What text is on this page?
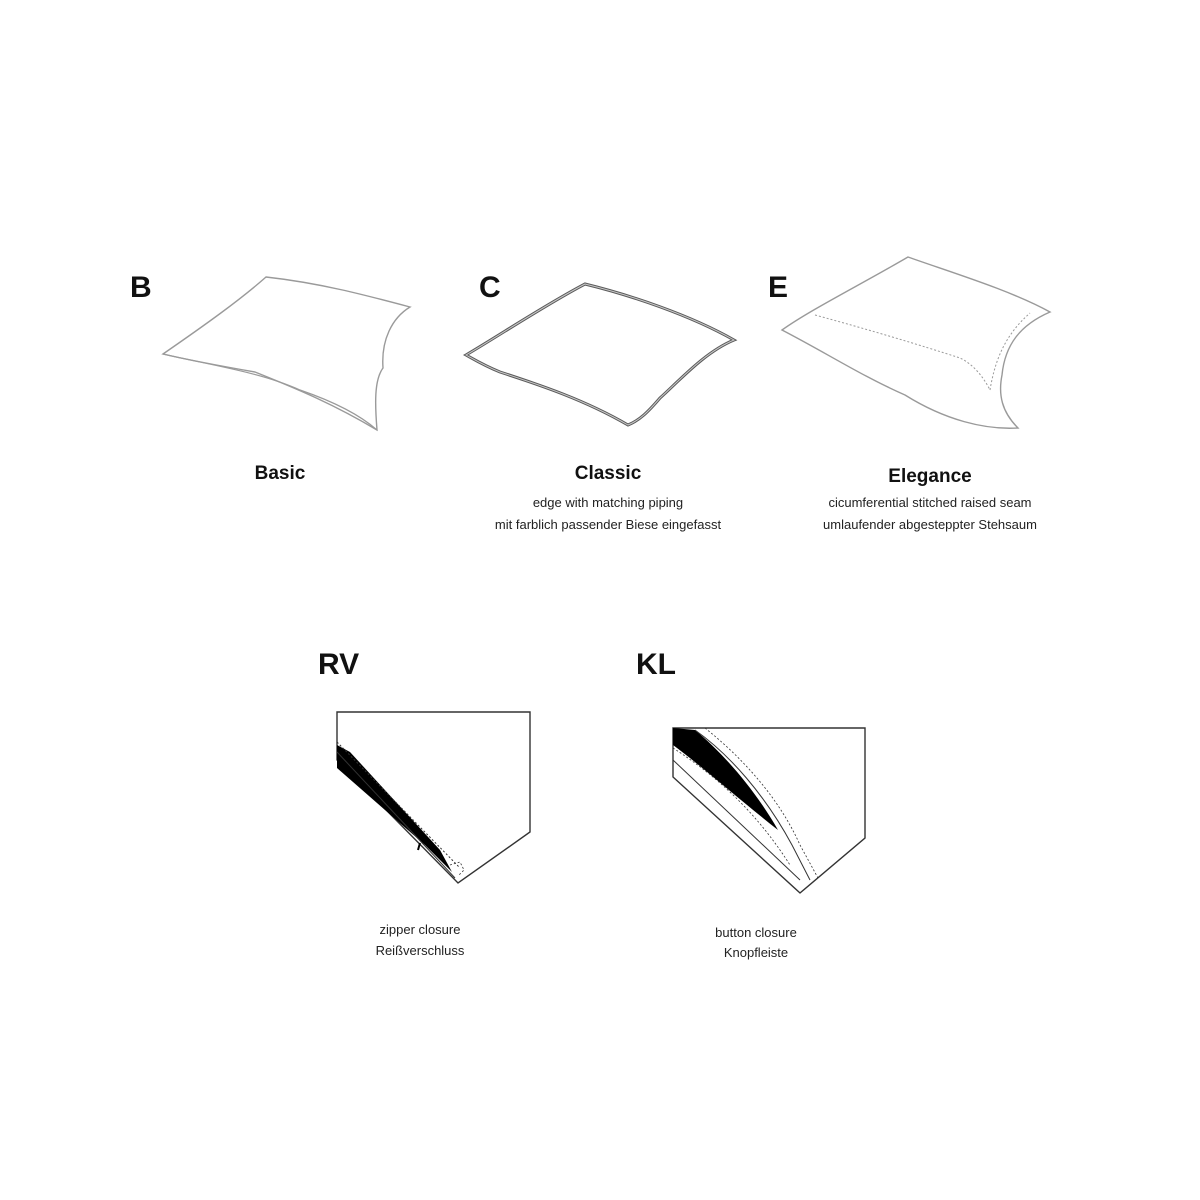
B
Basic
C
Classic
edge with matching piping
mit farblich passender Biese eingefasst
E
Elegance
cicumferential stitched raised seam
umlaufender abgesteppter Stehsaum
RV
zipper closure
Reißverschluss
KL
button closure
Knopfleiste
